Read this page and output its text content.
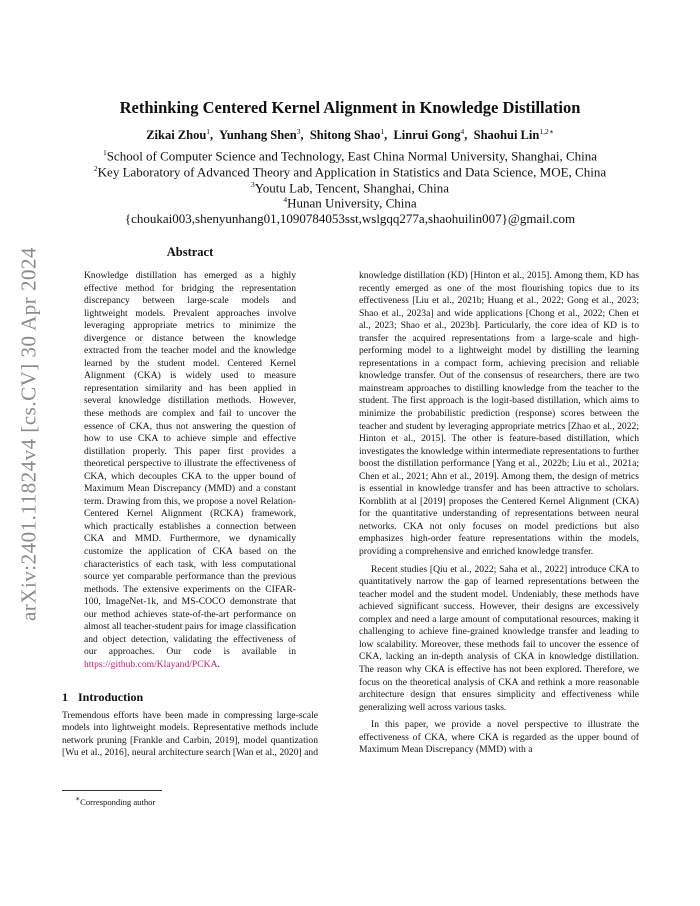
arXiv:2401.11824v4 [cs.CV] 30 Apr 2024
Rethinking Centered Kernel Alignment in Knowledge Distillation
Zikai Zhou$^1$,  Yunhang Shen$^3$,  Shitong Shao$^1$,  Linrui Gong$^4$,  Shaohui Lin$^{1,2∗}$
$^1$School of Computer Science and Technology, East China Normal University, Shanghai, China
$^2$Key Laboratory of Advanced Theory and Application in Statistics and Data Science, MOE, China
$^3$Youtu Lab, Tencent, Shanghai, China
$^4$Hunan University, China
{choukai003,shenyunhang01,1090784053sst,wslgqq277a,shaohuilin007}@gmail.com
Abstract

Knowledge distillation has emerged as a highly effective method for bridging the representation discrepancy between large-scale models and lightweight models. Prevalent approaches involve leveraging appropriate metrics to minimize the divergence or distance between the knowledge extracted from the teacher model and the knowledge learned by the student model. Centered Kernel Alignment (CKA) is widely used to measure representation similarity and has been applied in several knowledge distillation methods. However, these methods are complex and fail to uncover the essence of CKA, thus not answering the question of how to use CKA to achieve simple and effective distillation properly. This paper first provides a theoretical perspective to illustrate the effectiveness of CKA, which decouples CKA to the upper bound of Maximum Mean Discrepancy (MMD) and a constant term. Drawing from this, we propose a novel Relation-Centered Kernel Alignment (RCKA) framework, which practically establishes a connection between CKA and MMD. Furthermore, we dynamically customize the application of CKA based on the characteristics of each task, with less computational source yet comparable performance than the previous methods. The extensive experiments on the CIFAR-100, ImageNet-1k, and MS-COCO demonstrate that our method achieves state-of-the-art performance on almost all teacher-student pairs for image classification and object detection, validating the effectiveness of our approaches. Our code is available in https://github.com/Klayand/PCKA.

1 Introduction

Tremendous efforts have been made in compressing large-scale models into lightweight models. Representative methods include network pruning [Frankle and Carbin, 2019], model quantization [Wu et al., 2016], neural architecture search [Wan et al., 2020] and

knowledge distillation (KD) [Hinton et al., 2015]. Among them, KD has recently emerged as one of the most flourishing topics due to its effectiveness [Liu et al., 2021b; Huang et al., 2022; Gong et al., 2023; Shao et al., 2023a] and wide applications [Chong et al., 2022; Chen et al., 2023; Shao et al., 2023b]. Particularly, the core idea of KD is to transfer the acquired representations from a large-scale and high-performing model to a lightweight model by distilling the learning representations in a compact form, achieving precision and reliable knowledge transfer. Out of the consensus of researchers, there are two mainstream approaches to distilling knowledge from the teacher to the student. The first approach is the logit-based distillation, which aims to minimize the probabilistic prediction (response) scores between the teacher and student by leveraging appropriate metrics [Zhao et al., 2022; Hinton et al., 2015]. The other is feature-based distillation, which investigates the knowledge within intermediate representations to further boost the distillation performance [Yang et al., 2022b; Liu et al., 2021a; Chen et al., 2021; Ahn et al., 2019]. Among them, the design of metrics is essential in knowledge transfer and has been attractive to scholars. Kornblith at al [2019] proposes the Centered Kernel Alignment (CKA) for the quantitative understanding of representations between neural networks. CKA not only focuses on model predictions but also emphasizes high-order feature representations within the models, providing a comprehensive and enriched knowledge transfer.

Recent studies [Qiu et al., 2022; Saha et al., 2022] introduce CKA to quantitatively narrow the gap of learned representations between the teacher model and the student model. Undeniably, these methods have achieved significant success. However, their designs are excessively complex and need a large amount of computational resources, making it challenging to achieve fine-grained knowledge transfer and leading to low scalability. Moreover, these methods fail to uncover the essence of CKA, lacking an in-depth analysis of CKA in knowledge distillation. The reason why CKA is effective has not been explored. Therefore, we focus on the theoretical analysis of CKA and rethink a more reasonable architecture design that ensures simplicity and effectiveness while generalizing well across various tasks.

In this paper, we provide a novel perspective to illustrate the effectiveness of CKA, where CKA is regarded as the upper bound of Maximum Mean Discrepancy (MMD) with a

∗Corresponding author
